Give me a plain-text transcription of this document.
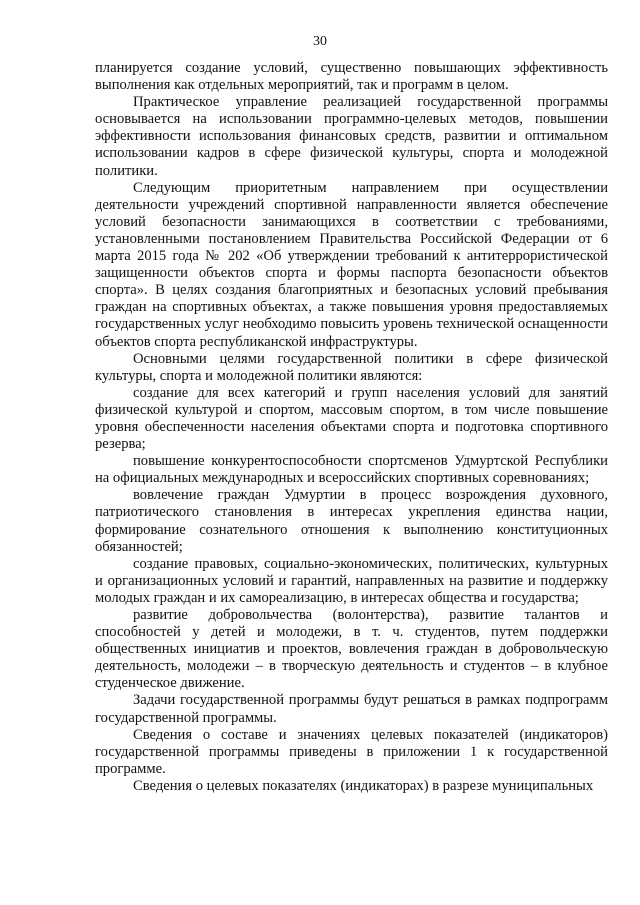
30

планируется создание условий, существенно повышающих эффективность выполнения как отдельных мероприятий, так и программ в целом.

Практическое управление реализацией государственной программы основывается на использовании программно-целевых методов, повышении эффективности использования финансовых средств, развитии и оптимальном использовании кадров в сфере физической культуры, спорта и молодежной политики.

Следующим приоритетным направлением при осуществлении деятельности учреждений спортивной направленности является обеспечение условий безопасности занимающихся в соответствии с требованиями, установленными постановлением Правительства Российской Федерации от 6 марта 2015 года № 202 «Об утверждении требований к антитеррористической защищенности объектов спорта и формы паспорта безопасности объектов спорта». В целях создания благоприятных и безопасных условий пребывания граждан на спортивных объектах, а также повышения уровня предоставляемых государственных услуг необходимо повысить уровень технической оснащенности объектов спорта республиканской инфраструктуры.

Основными целями государственной политики в сфере физической культуры, спорта и молодежной политики являются:

создание для всех категорий и групп населения условий для занятий физической культурой и спортом, массовым спортом, в том числе повышение уровня обеспеченности населения объектами спорта и подготовка спортивного резерва;

повышение конкурентоспособности спортсменов Удмуртской Республики на официальных международных и всероссийских спортивных соревнованиях;

вовлечение граждан Удмуртии в процесс возрождения духовного, патриотического становления в интересах укрепления единства нации, формирование сознательного отношения к выполнению конституционных обязанностей;

создание правовых, социально-экономических, политических, культурных и организационных условий и гарантий, направленных на развитие и поддержку молодых граждан и их самореализацию, в интересах общества и государства;

развитие добровольчества (волонтерства), развитие талантов и способностей у детей и молодежи, в т. ч. студентов, путем поддержки общественных инициатив и проектов, вовлечения граждан в добровольческую деятельность, молодежи – в творческую деятельность и студентов – в клубное студенческое движение.

Задачи государственной программы будут решаться в рамках подпрограмм государственной программы.

Сведения о составе и значениях целевых показателей (индикаторов) государственной программы приведены в приложении 1 к государственной программе.

Сведения о целевых показателях (индикаторах) в разрезе муниципальных
